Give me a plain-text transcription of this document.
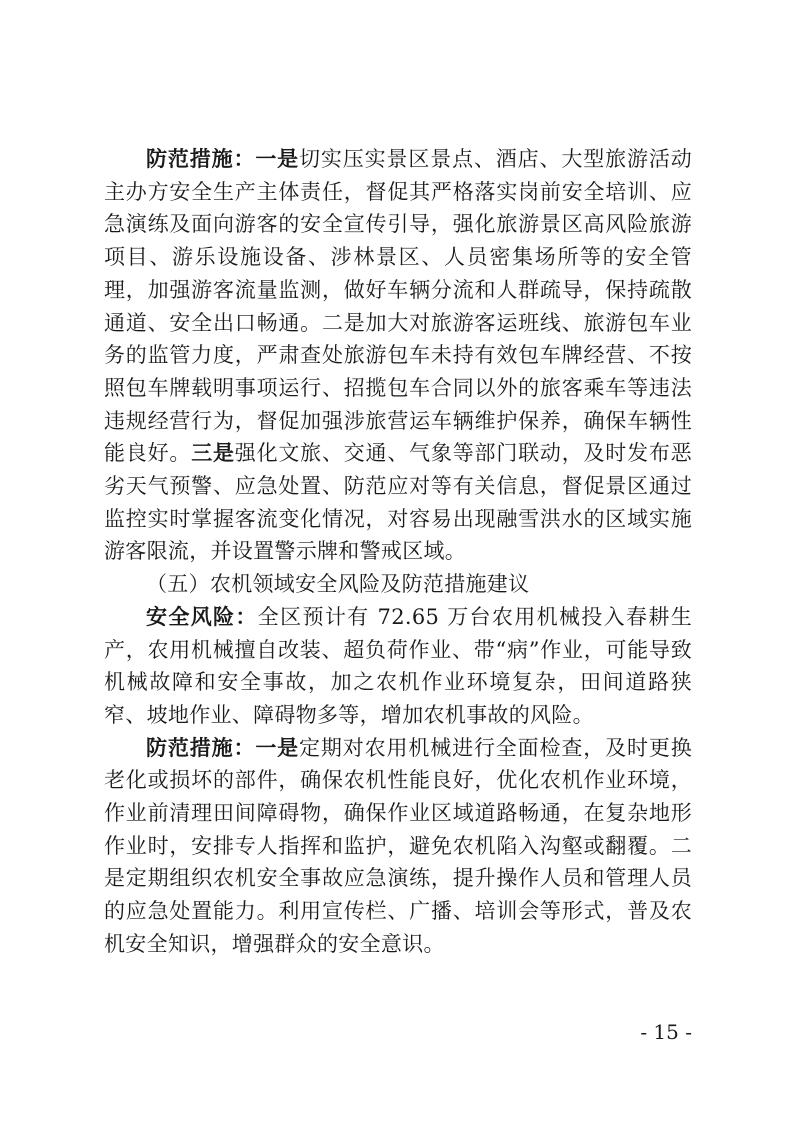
防范措施：一是切实压实景区景点、酒店、大型旅游活动主办方安全生产主体责任，督促其严格落实岗前安全培训、应急演练及面向游客的安全宣传引导，强化旅游景区高风险旅游项目、游乐设施设备、涉林景区、人员密集场所等的安全管理，加强游客流量监测，做好车辆分流和人群疏导，保持疏散通道、安全出口畅通。二是加大对旅游客运班线、旅游包车业务的监管力度，严肃查处旅游包车未持有效包车牌经营、不按照包车牌载明事项运行、招揽包车合同以外的旅客乘车等违法违规经营行为，督促加强涉旅营运车辆维护保养，确保车辆性能良好。三是强化文旅、交通、气象等部门联动，及时发布恶劣天气预警、应急处置、防范应对等有关信息，督促景区通过监控实时掌握客流变化情况，对容易出现融雪洪水的区域实施游客限流，并设置警示牌和警戒区域。

（五）农机领域安全风险及防范措施建议

安全风险：全区预计有 72.65 万台农用机械投入春耕生产，农用机械擅自改装、超负荷作业、带“病”作业，可能导致机械故障和安全事故，加之农机作业环境复杂，田间道路狭窄、坡地作业、障碍物多等，增加农机事故的风险。

防范措施：一是定期对农用机械进行全面检查，及时更换老化或损坏的部件，确保农机性能良好，优化农机作业环境，作业前清理田间障碍物，确保作业区域道路畅通，在复杂地形作业时，安排专人指挥和监护，避免农机陷入沟壑或翻覆。二是定期组织农机安全事故应急演练，提升操作人员和管理人员的应急处置能力。利用宣传栏、广播、培训会等形式，普及农机安全知识，增强群众的安全意识。

- 15 -
